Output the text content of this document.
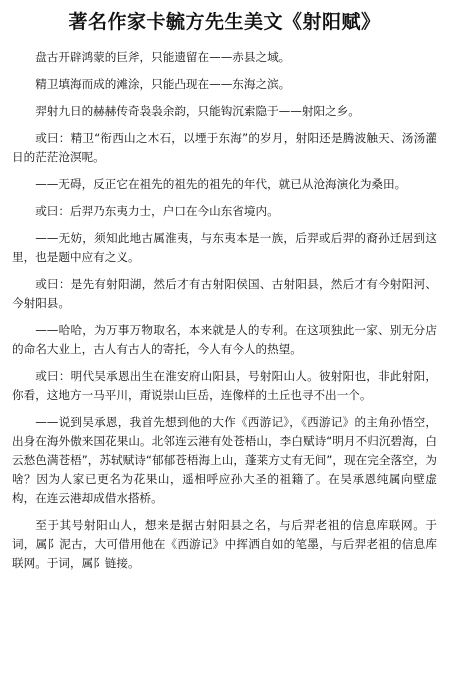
著名作家卡毓方先生美文《射阳赋》

盘古开辟鸿蒙的巨斧，只能遗留在——赤县之域。

精卫填海而成的滩涂，只能凸现在——东海之滨。

羿射九日的赫赫传奇袅袅余韵，只能钩沉索隐于——射阳之乡。

或曰：精卫“衔西山之木石，以堙于东海”的岁月，射阳还是腾波触天、汤汤灌日的茫茫沧溟呢。

——无碍，反正它在祖先的祖先的祖先的年代，就已从沧海演化为桑田。

或曰：后羿乃东夷力士，户口在今山东省境内。

——无妨，须知此地古属淮夷，与东夷本是一族，后羿或后羿的裔孙迁居到这里，也是题中应有之义。

或曰：是先有射阳湖，然后才有古射阳侯国、古射阳县，然后才有今射阳河、今射阳县。

——哈哈，为万事万物取名，本来就是人的专利。在这项独此一家、别无分店的命名大业上，古人有古人的寄托，今人有今人的热望。

或曰：明代吴承恩出生在淮安府山阳县，号射阳山人。彼射阳也，非此射阳，你看，这地方一马平川，甭说崇山巨岳，连像样的土丘也寻不出一个。

——说到吴承恩，我首先想到他的大作《西游记》，《西游记》的主角孙悟空，出身在海外傲来国花果山。北邻连云港有处苍梧山，李白赋诗“明月不归沉碧海，白云愁色满苍梧”，苏轼赋诗“郁郁苍梧海上山，蓬莱方丈有无间”，现在完全落空，为啥？因为人家已更名为花果山，遥相呼应孙大圣的祖籍了。在吴承恩纯属向壁虚构，在连云港却成借水搭桥。

至于其号射阳山人，想来是据古射阳县之名，与后羿老祖的信息库联网。于词，属阝泥古，大可借用他在《西游记》中挥洒自如的笔墨，与后羿老祖的信息库联网。于词，属阝链接。
